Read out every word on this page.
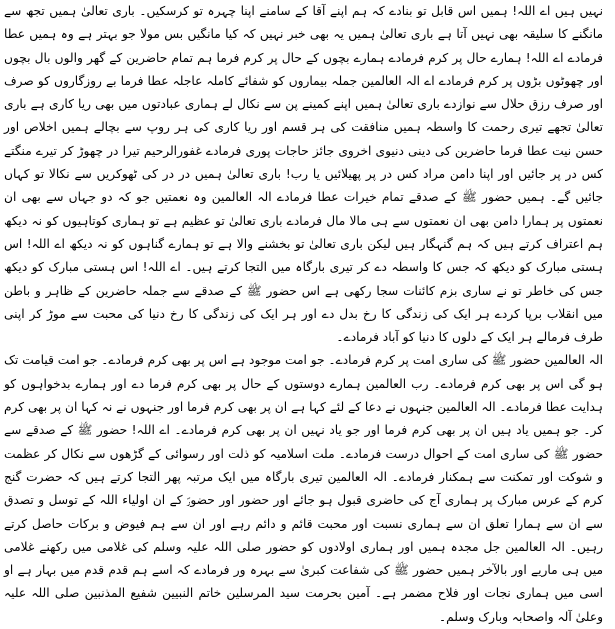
نہیں ہیں اے اللہ! ہمیں اس قابل تو بنادے کہ ہم اپنے آقا کے سامنے اپنا چہرہ تو کرسکیں۔ باری تعالیٰ ہمیں تجھ سے مانگنے کا سلیقہ بھی نہیں آتا ہے باری تعالیٰ ہمیں یہ بھی خبر نہیں کہ کیا مانگیں بس مولا جو بہتر ہے وہ ہمیں عطا فرمادے اے اللہ! ہمارے حال پر کرم فرمادے ہمارے بچوں کے حال پر کرم فرما ہم تمام حاضرین کے گھر والوں بال بچوں اور چھوٹوں بڑوں پر کرم فرمادے اے الہ العالمین جملہ بیماروں کو شفائے کاملہ عاجلہ عطا فرما بے روزگاروں کو صرف اور صرف رزق حلال سے نوازدے باری تعالیٰ ہمیں اپنے کمینے پن سے نکال لے ہماری عبادتوں میں بھی ریا کاری ہے باری تعالیٰ تجھے تیری رحمت کا واسطہ ہمیں منافقت کی ہر قسم اور ریا کاری کی ہر روپ سے بچالے ہمیں اخلاص اور حسن نیت عطا فرما حاضرین کی دینی دنیوی اخروی جائز حاجات پوری فرمادے غفورالرحیم تیرا در چھوڑ کر تیرے منگتے کس در پر جائیں اور اپنا دامن مراد کس در پر پھیلائیں یا رب! باری تعالیٰ ہمیں در در کی ٹھوکریں سے نکالا تو کہاں جائیں گے۔ ہمیں حضور ﷺ کے صدقے تمام خیرات عطا فرمادے الہ العالمین وہ نعمتیں جو کہ دو جہاں سے بھی ان نعمتوں پر ہمارا دامن بھی ان نعمتوں سے ہی مالا مال فرمادے باری تعالیٰ تو عظیم ہے تو ہماری کوتاہیوں کو نہ دیکھ ہم اعتراف کرتے ہیں کہ ہم گنہگار ہیں لیکن باری تعالیٰ تو بخشنے والا ہے تو ہمارے گناہوں کو نہ دیکھ اے اللہ! اس ہستی مبارک کو دیکھ کہ جس کا واسطہ دے کر تیری بارگاہ میں التجا کرتے ہیں۔ اے اللہ! اس ہستی مبارک کو دیکھ جس کی خاطر تو نے ساری بزم کائنات سجا رکھی ہے اس حضور ﷺ کے صدقے سے جملہ حاضرین کے ظاہر و باطن میں انقلاب برپا کردے ہر ایک کی زندگی کا رخ بدل دے اور ہر ایک کی زندگی کا رخ دنیا کی محبت سے موڑ کر اپنی طرف فرمالے ہر ایک کے دلوں کا دنیا کو آباد فرمادے۔

الہ العالمین حضور ﷺ کی ساری امت پر کرم فرمادے۔ جو امت موجود ہے اس پر بھی کرم فرمادے۔ جو امت قیامت تک ہو گی اس پر بھی کرم فرمادے۔ رب العالمین ہمارے دوستوں کے حال پر بھی کرم فرما دے اور ہمارے بدخواہوں کو ہدایت عطا فرمادے۔ الہ العالمین جنہوں نے دعا کے لئے کہا ہے ان پر بھی کرم فرما اور جنہوں نے نہ کہا ان پر بھی کرم کر۔ جو ہمیں یاد ہیں ان پر بھی کرم فرما اور جو یاد نہیں ان پر بھی کرم فرمادے۔ اے اللہ! حضور ﷺ کے صدقے سے حضور ﷺ کی ساری امت کے احوال درست فرمادے۔ ملت اسلامیہ کو ذلت اور رسوائی کے گڑھوں سے نکال کر عظمت و شوکت اور تمکنت سے ہمکنار فرمادے۔ الہ العالمین تیری بارگاہ میں ایک مرتبہ پھر التجا کرتے ہیں کہ حضرت گنج کرم کے عرس مبارک پر ہماری آج کی حاضری قبول ہو جائے اور حضور اور حضورؐ کے ان اولیاء اللہ کے توسل و تصدق سے ان سے ہمارا تعلق ان سے ہماری نسبت اور محبت قائم و دائم رہے اور ان سے ہم فیوض و برکات حاصل کرتے رہیں۔ الہ العالمین جل مجدہ ہمیں اور ہماری اولادوں کو حضور صلی اللہ علیہ وسلم کی غلامی میں رکھنے غلامی میں ہی ماریے اور بالآخر ہمیں حضور ﷺ کی شفاعت کبریٰ سے بہرہ ور فرمادے کہ اسے ہم قدم قدم میں بہار ہے او اسی میں ہماری نجات اور فلاح مضمر ہے۔ آمین بحرمت سید المرسلین خاتم النبیین شفیع المذنبین صلی اللہ علیہ وعلیٰ آلہ واصحابہ وبارک وسلم۔
